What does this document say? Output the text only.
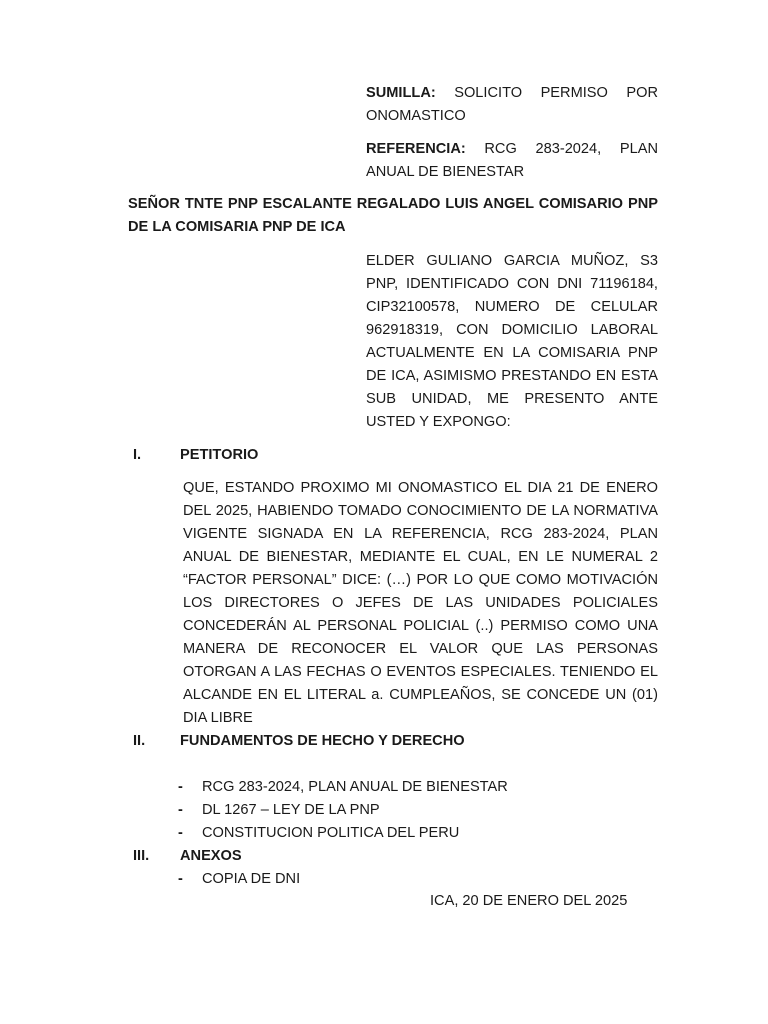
SUMILLA: SOLICITO PERMISO POR ONOMASTICO
REFERENCIA: RCG 283-2024, PLAN ANUAL DE BIENESTAR
SEÑOR TNTE PNP ESCALANTE REGALADO LUIS ANGEL COMISARIO PNP DE LA COMISARIA PNP DE ICA
ELDER GULIANO GARCIA MUÑOZ, S3 PNP, IDENTIFICADO CON DNI 71196184, CIP32100578, NUMERO DE CELULAR 962918319, CON DOMICILIO LABORAL ACTUALMENTE EN LA COMISARIA PNP DE ICA, ASIMISMO PRESTANDO EN ESTA SUB UNIDAD, ME PRESENTO ANTE USTED Y EXPONGO:
I.	PETITORIO
QUE, ESTANDO PROXIMO MI ONOMASTICO EL DIA 21 DE ENERO DEL 2025, HABIENDO TOMADO CONOCIMIENTO DE LA NORMATIVA VIGENTE SIGNADA EN LA REFERENCIA, RCG 283-2024, PLAN ANUAL DE BIENESTAR, MEDIANTE EL CUAL, EN LE NUMERAL 2 “FACTOR PERSONAL” DICE: (…) POR LO QUE COMO MOTIVACIÓN LOS DIRECTORES O JEFES DE LAS UNIDADES POLICIALES CONCEDERÁN AL PERSONAL POLICIAL (..) PERMISO COMO UNA MANERA DE RECONOCER EL VALOR QUE LAS PERSONAS OTORGAN A LAS FECHAS O EVENTOS ESPECIALES. TENIENDO EL ALCANDE EN EL LITERAL a. CUMPLEAÑOS, SE CONCEDE UN (01) DIA LIBRE
II. FUNDAMENTOS DE HECHO Y DERECHO
- RCG 283-2024, PLAN ANUAL DE BIENESTAR
- DL 1267 – LEY DE LA PNP
- CONSTITUCION POLITICA DEL PERU
III. ANEXOS
- COPIA DE DNI
ICA, 20 DE ENERO DEL 2025
